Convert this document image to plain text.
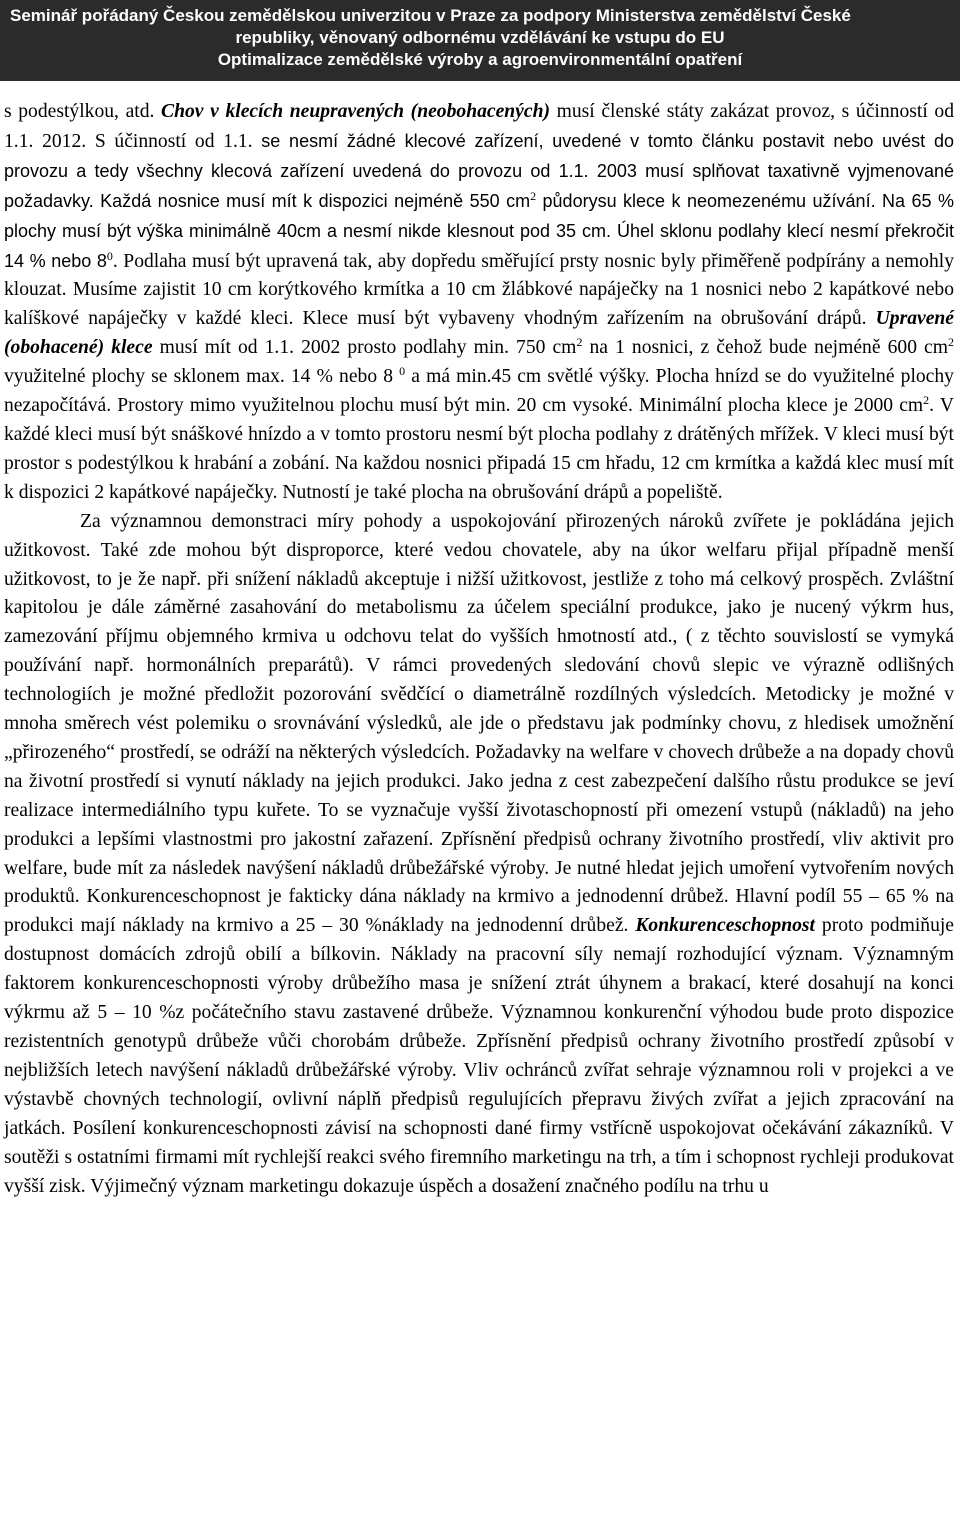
Seminář pořádaný Českou zemědělskou univerzitou v Praze za podpory Ministerstva zemědělství České
republiky, věnovaný odbornému vzdělávání ke vstupu do EU
Optimalizace zemědělské výroby a agroenvironmentální opatření

s podestýlkou, atd. Chov v klecích neupravených (neobohacených) musí členské státy zakázat provoz, s účinností od 1.1. 2012. S účinností od 1.1. se nesmí žádné klecové zařízení, uvedené v tomto článku postavit nebo uvést do provozu a tedy všechny klecová zařízení uvedená do provozu od 1.1. 2003 musí splňovat taxativně vyjmenované požadavky. Každá nosnice musí mít k dispozici nejméně 550 $cm^2$ půdorysu klece k neomezenému užívání. Na 65 % plochy musí být výška minimálně 40cm a nesmí nikde klesnout pod 35 cm. Úhel sklonu podlahy klecí nesmí překročit 14 % nebo $8^0$. Podlaha musí být upravená tak, aby dopředu směřující prsty nosnic byly přiměřeně podpírány a nemohly klouzat. Musíme zajistit 10 cm korýtkového krmítka a 10 cm žlábkové napáječky na 1 nosnici nebo 2 kapátkové nebo kalíškové napáječky v každé kleci. Klece musí být vybaveny vhodným zařízením na obrušování drápů. Upravené (obohacené) klece musí mít od 1.1. 2002 prosto podlahy min. 750 $cm^2$ na 1 nosnici, z čehož bude nejméně 600 $cm^2$ využitelné plochy se sklonem max. 14 % nebo 8 $^0$ a má min.45 cm světlé výšky. Plocha hnízd se do využitelné plochy nezapočítává. Prostory mimo využitelnou plochu musí být min. 20 cm vysoké. Minimální plocha klece je 2000 $cm^2$. V každé kleci musí být snáškové hnízdo a v tomto prostoru nesmí být plocha podlahy z drátěných mřížek. V kleci musí být prostor s podestýlkou k hrabání a zobání. Na každou nosnici připadá 15 cm hřadu, 12 cm krmítka a každá klec musí mít k dispozici 2 kapátkové napáječky. Nutností je také plocha na obrušování drápů a popeliště.

Za významnou demonstraci míry pohody a uspokojování přirozených nároků zvířete je pokládána jejich užitkovost. Také zde mohou být disproporce, které vedou chovatele, aby na úkor welfaru přijal případně menší užitkovost, to je že např. při snížení nákladů akceptuje i nižší užitkovost, jestliže z toho má celkový prospěch. Zvláštní kapitolou je dále záměrné zasahování do metabolismu za účelem speciální produkce, jako je nucený výkrm hus, zamezování příjmu objemného krmiva u odchovu telat do vyšších hmotností atd., ( z těchto souvislostí se vymyká používání např. hormonálních preparátů). V rámci provedených sledování chovů slepic ve výrazně odlišných technologiích je možné předložit pozorování svědčící o diametrálně rozdílných výsledcích. Metodicky je možné v mnoha směrech vést polemiku o srovnávání výsledků, ale jde o představu jak podmínky chovu, z hledisek umožnění „přirozeného“ prostředí, se odráží na některých výsledcích. Požadavky na welfare v chovech drůbeže a na dopady chovů na životní prostředí si vynutí náklady na jejich produkci. Jako jedna z cest zabezpečení dalšího růstu produkce se jeví realizace intermediálního typu kuřete. To se vyznačuje vyšší životaschopností při omezení vstupů (nákladů) na jeho produkci a lepšími vlastnostmi pro jakostní zařazení. Zpřísnění předpisů ochrany životního prostředí, vliv aktivit pro welfare, bude mít za následek navýšení nákladů drůbežářské výroby. Je nutné hledat jejich umoření vytvořením nových produktů. Konkurenceschopnost je fakticky dána náklady na krmivo a jednodenní drůbež. Hlavní podíl 55 – 65 % na produkci mají náklady na krmivo a 25 – 30 %náklady na jednodenní drůbež. Konkurenceschopnost proto podmiňuje dostupnost domácích zdrojů obilí a bílkovin. Náklady na pracovní síly nemají rozhodující význam. Významným faktorem konkurenceschopnosti výroby drůbežího masa je snížení ztrát úhynem a brakací, které dosahují na konci výkrmu až 5 – 10 %z počátečního stavu zastavené drůbeže. Významnou konkurenční výhodou bude proto dispozice rezistentních genotypů drůbeže vůči chorobám drůbeže. Zpřísnění předpisů ochrany životního prostředí způsobí v nejbližších letech navýšení nákladů drůbežářské výroby. Vliv ochránců zvířat sehraje významnou roli v projekci a ve výstavbě chovných technologií, ovlivní náplň předpisů regulujících přepravu živých zvířat a jejich zpracování na jatkách. Posílení konkurenceschopnosti závisí na schopnosti dané firmy vstřícně uspokojovat očekávání zákazníků. V soutěži s ostatními firmami mít rychlejší reakci svého firemního marketingu na trh, a tím i schopnost rychleji produkovat vyšší zisk. Výjimečný význam marketingu dokazuje úspěch a dosažení značného podílu na trhu u
